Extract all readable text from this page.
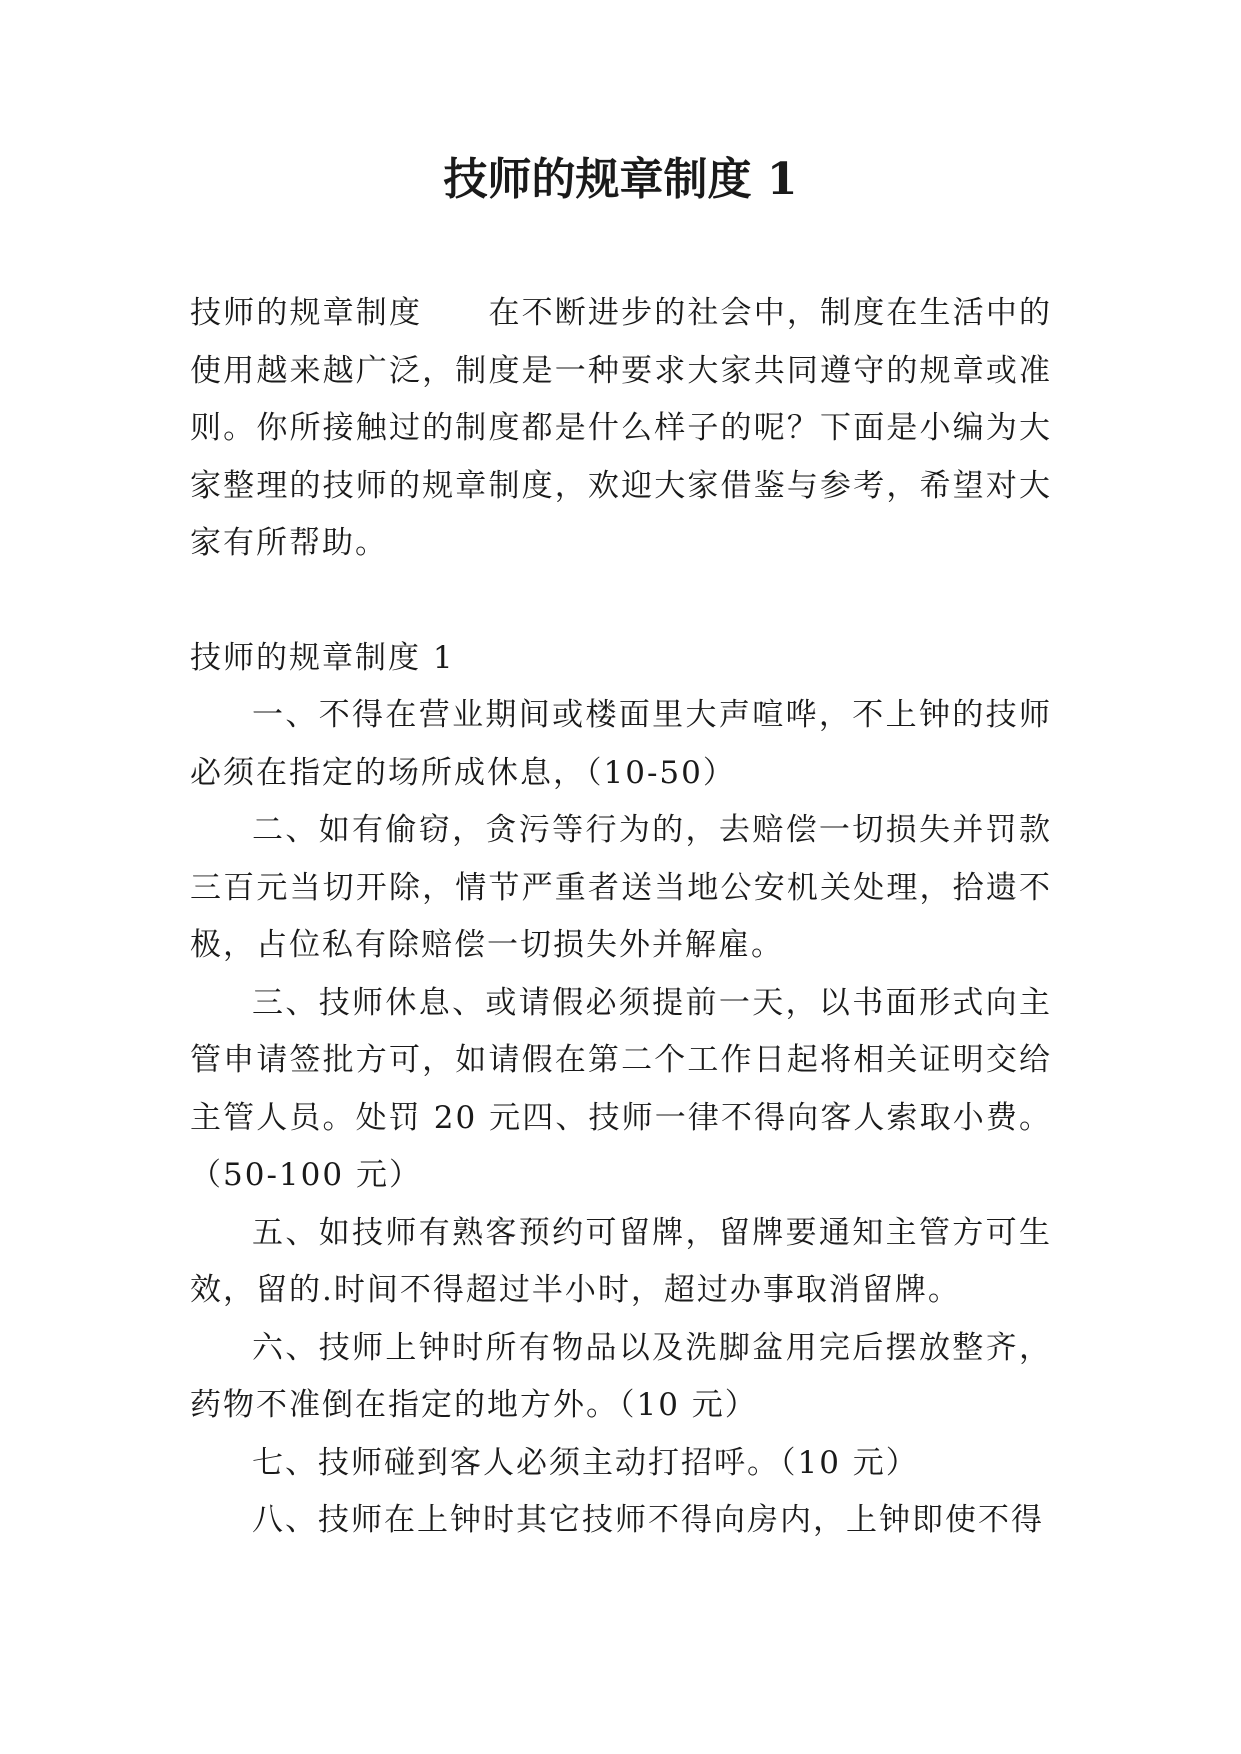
技师的规章制度 1

技师的规章制度　　在不断进步的社会中，制度在生活中的使用越来越广泛，制度是一种要求大家共同遵守的规章或准则。你所接触过的制度都是什么样子的呢？下面是小编为大家整理的技师的规章制度，欢迎大家借鉴与参考，希望对大家有所帮助。

技师的规章制度 1

一、不得在营业期间或楼面里大声喧哗，不上钟的技师必须在指定的场所成休息，（10-50）

二、如有偷窃，贪污等行为的，去赔偿一切损失并罚款三百元当切开除，情节严重者送当地公安机关处理，拾遗不极，占位私有除赔偿一切损失外并解雇。

三、技师休息、或请假必须提前一天，以书面形式向主管申请签批方可，如请假在第二个工作日起将相关证明交给主管人员。处罚 20 元四、技师一律不得向客人索取小费。（50-100 元）

五、如技师有熟客预约可留牌，留牌要通知主管方可生效，留的.时间不得超过半小时，超过办事取消留牌。

六、技师上钟时所有物品以及洗脚盆用完后摆放整齐，药物不准倒在指定的地方外。（10 元）

七、技师碰到客人必须主动打招呼。（10 元）

八、技师在上钟时其它技师不得向房内，上钟即使不得
